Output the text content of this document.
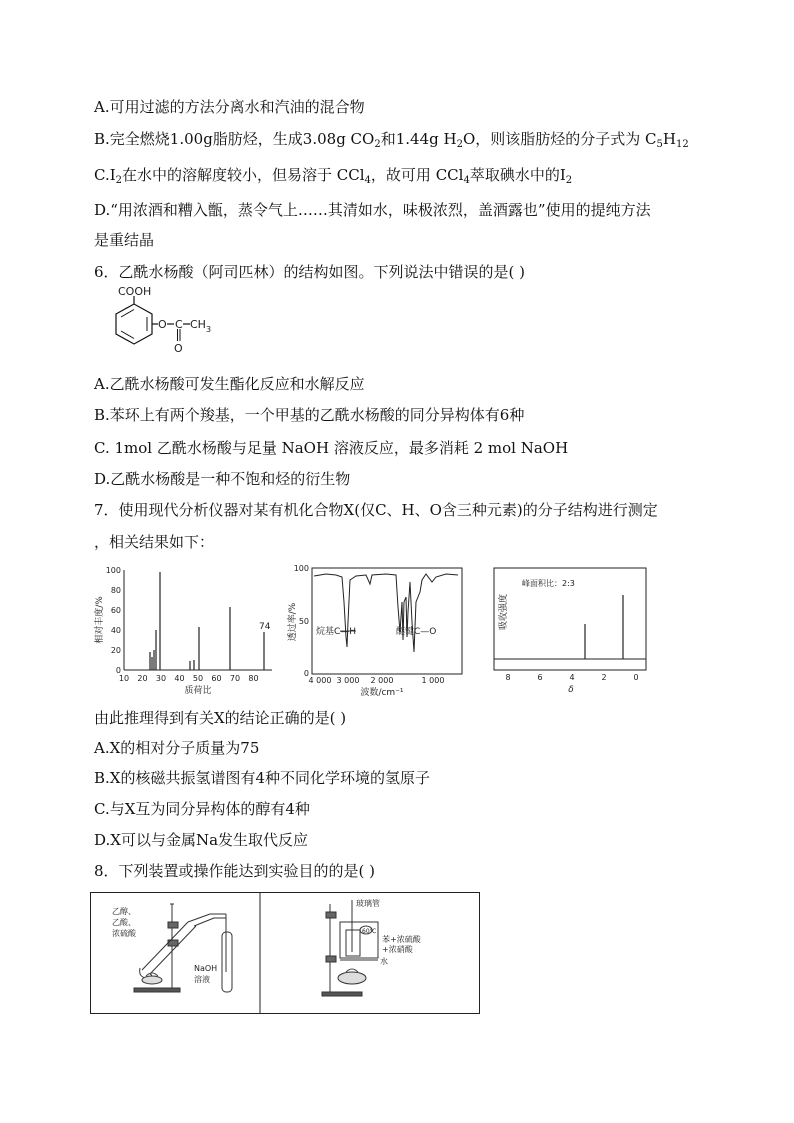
A.可用过滤的方法分离水和汽油的混合物
B.完全燃烧1.00g脂肪烃，生成3.08g $CO_2$和1.44g $H_2O$，则该脂肪烃的分子式为 $C_5H_{12}$
$C.I_2$在水中的溶解度较小，但易溶于 CCl$_4$，故可用 CCl$_4$萃取碘水中的$I_2$
D.“用浓酒和糟入甑，蒸令气上……其清如水，味极浓烈，盖酒露也”使用的提纯方法
是重结晶
6．乙酰水杨酸（阿司匹林）的结构如图。下列说法中错误的是( )
COOH
O C $CH_3$
O
A.乙酰水杨酸可发生酯化反应和水解反应
B.苯环上有两个羧基，一个甲基的乙酰水杨酸的同分异构体有6种
C. 1mol 乙酰水杨酸与足量 NaOH 溶液反应，最多消耗 2 mol NaOH
D.乙酰水杨酸是一种不饱和烃的衍生物
7．使用现代分析仪器对某有机化合物X(仅C、H、O含三种元素)的分子结构进行测定
，相关结果如下：
100
80
60
40
20
0
10 20 30 40 50 60 70 80
74
相对丰度/%
质荷比
100
50
0
4 000 3 000 2 000	1 000
烷基C—H	醚键C—O
透过率/%
波数/cm⁻¹
峰面积比：2:3
8	6	4	2	0
吸收强度
δ
由此推理得到有关X的结论正确的是( )
A.X的相对分子质量为75
B.X的核磁共振氢谱图有4种不同化学环境的氢原子
C.与X互为同分异构体的醇有4种
D.X可以与金属Na发生取代反应
8．下列装置或操作能达到实验目的的是( )
乙醇、
乙酸、
浓硫酸
NaOH
溶液
玻璃管
60℃
苯+浓硫酸
+浓硝酸
水
